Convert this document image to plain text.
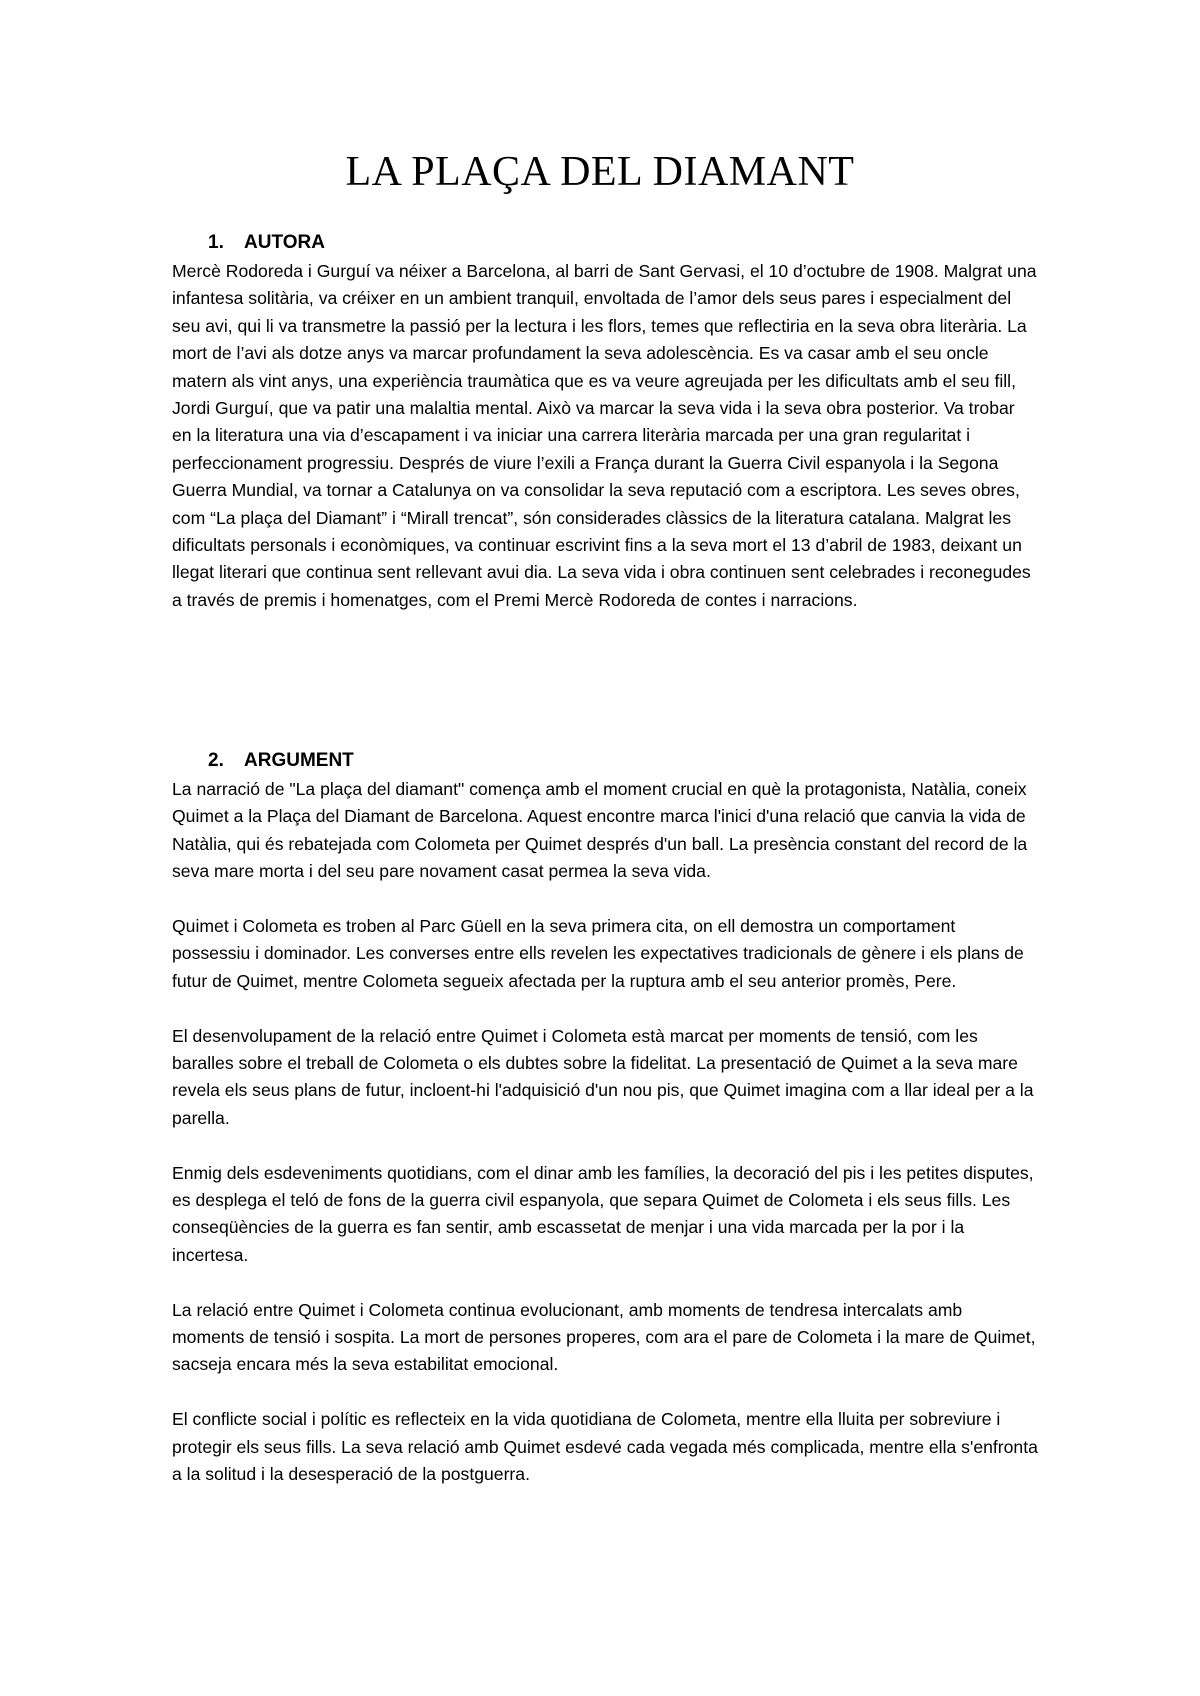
LA PLAÇA DEL DIAMANT

1. AUTORA

Mercè Rodoreda i Gurguí va néixer a Barcelona, al barri de Sant Gervasi, el 10 d’octubre de 1908. Malgrat una infantesa solitària, va créixer en un ambient tranquil, envoltada de l’amor dels seus pares i especialment del seu avi, qui li va transmetre la passió per la lectura i les flors, temes que reflectiria en la seva obra literària. La mort de l’avi als dotze anys va marcar profundament la seva adolescència. Es va casar amb el seu oncle matern als vint anys, una experiència traumàtica que es va veure agreujada per les dificultats amb el seu fill, Jordi Gurguí, que va patir una malaltia mental. Això va marcar la seva vida i la seva obra posterior. Va trobar en la literatura una via d’escapament i va iniciar una carrera literària marcada per una gran regularitat i perfeccionament progressiu. Després de viure l’exili a França durant la Guerra Civil espanyola i la Segona Guerra Mundial, va tornar a Catalunya on va consolidar la seva reputació com a escriptora. Les seves obres, com “La plaça del Diamant” i “Mirall trencat”, són considerades clàssics de la literatura catalana. Malgrat les dificultats personals i econòmiques, va continuar escrivint fins a la seva mort el 13 d’abril de 1983, deixant un llegat literari que continua sent rellevant avui dia. La seva vida i obra continuen sent celebrades i reconegudes a través de premis i homenatges, com el Premi Mercè Rodoreda de contes i narracions.

2. ARGUMENT

La narració de "La plaça del diamant" comença amb el moment crucial en què la protagonista, Natàlia, coneix Quimet a la Plaça del Diamant de Barcelona. Aquest encontre marca l'inici d'una relació que canvia la vida de Natàlia, qui és rebatejada com Colometa per Quimet després d'un ball. La presència constant del record de la seva mare morta i del seu pare novament casat permea la seva vida.

Quimet i Colometa es troben al Parc Güell en la seva primera cita, on ell demostra un comportament possessiu i dominador. Les converses entre ells revelen les expectatives tradicionals de gènere i els plans de futur de Quimet, mentre Colometa segueix afectada per la ruptura amb el seu anterior promès, Pere.

El desenvolupament de la relació entre Quimet i Colometa està marcat per moments de tensió, com les baralles sobre el treball de Colometa o els dubtes sobre la fidelitat. La presentació de Quimet a la seva mare revela els seus plans de futur, incloent-hi l'adquisició d'un nou pis, que Quimet imagina com a llar ideal per a la parella.

Enmig dels esdeveniments quotidians, com el dinar amb les famílies, la decoració del pis i les petites disputes, es desplega el teló de fons de la guerra civil espanyola, que separa Quimet de Colometa i els seus fills. Les conseqüències de la guerra es fan sentir, amb escassetat de menjar i una vida marcada per la por i la incertesa.

La relació entre Quimet i Colometa continua evolucionant, amb moments de tendresa intercalats amb moments de tensió i sospita. La mort de persones properes, com ara el pare de Colometa i la mare de Quimet, sacseja encara més la seva estabilitat emocional.

El conflicte social i polític es reflecteix en la vida quotidiana de Colometa, mentre ella lluita per sobreviure i protegir els seus fills. La seva relació amb Quimet esdevé cada vegada més complicada, mentre ella s'enfronta a la solitud i la desesperació de la postguerra.
